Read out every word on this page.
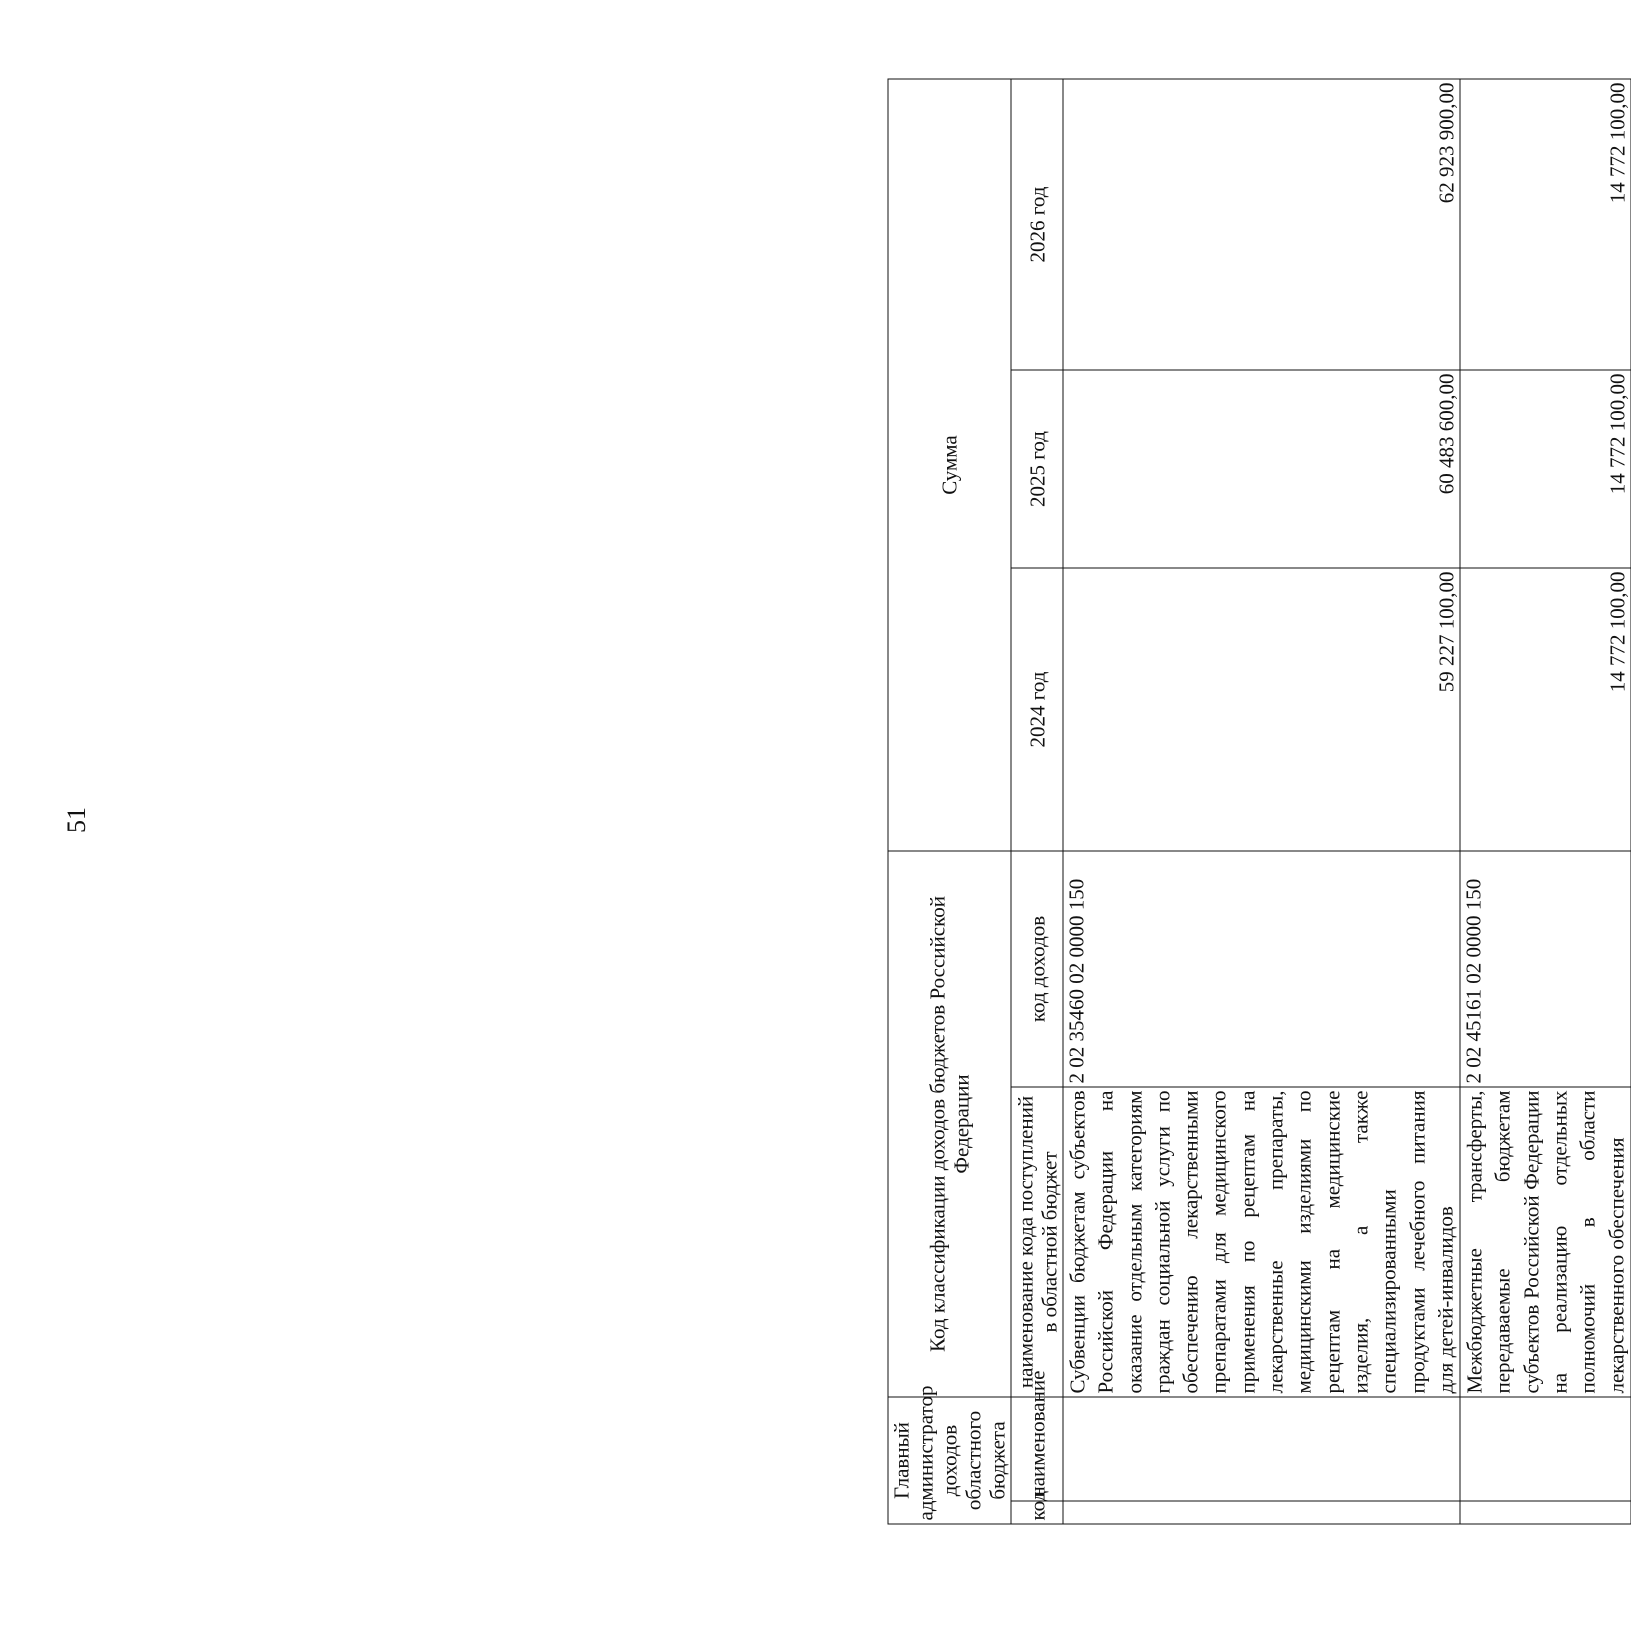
51
Главный администратор доходов областного бюджета		Код классификации доходов бюджетов Российской Федерации		Сумма		
код	наименование	наименование кода поступлений в областной бюджет	код доходов	2024 год	2025 год	2026 год
		Субвенции бюджетам субъектов Российской Федерации на оказание отдельным категориям граждан социальной услуги по обеспечению лекарственными препаратами для медицинского применения по рецептам на лекарственные препараты, медицинскими изделиями по рецептам на медицинские изделия, а также специализированными продуктами лечебного питания для детей-инвалидов	2 02 35460 02 0000 150	59 227 100,00	60 483 600,00	62 923 900,00
		Межбюджетные трансферты, передаваемые бюджетам субъектов Российской Федерации на реализацию отдельных полномочий в области лекарственного обеспечения	2 02 45161 02 0000 150	14 772 100,00	14 772 100,00	14 772 100,00
